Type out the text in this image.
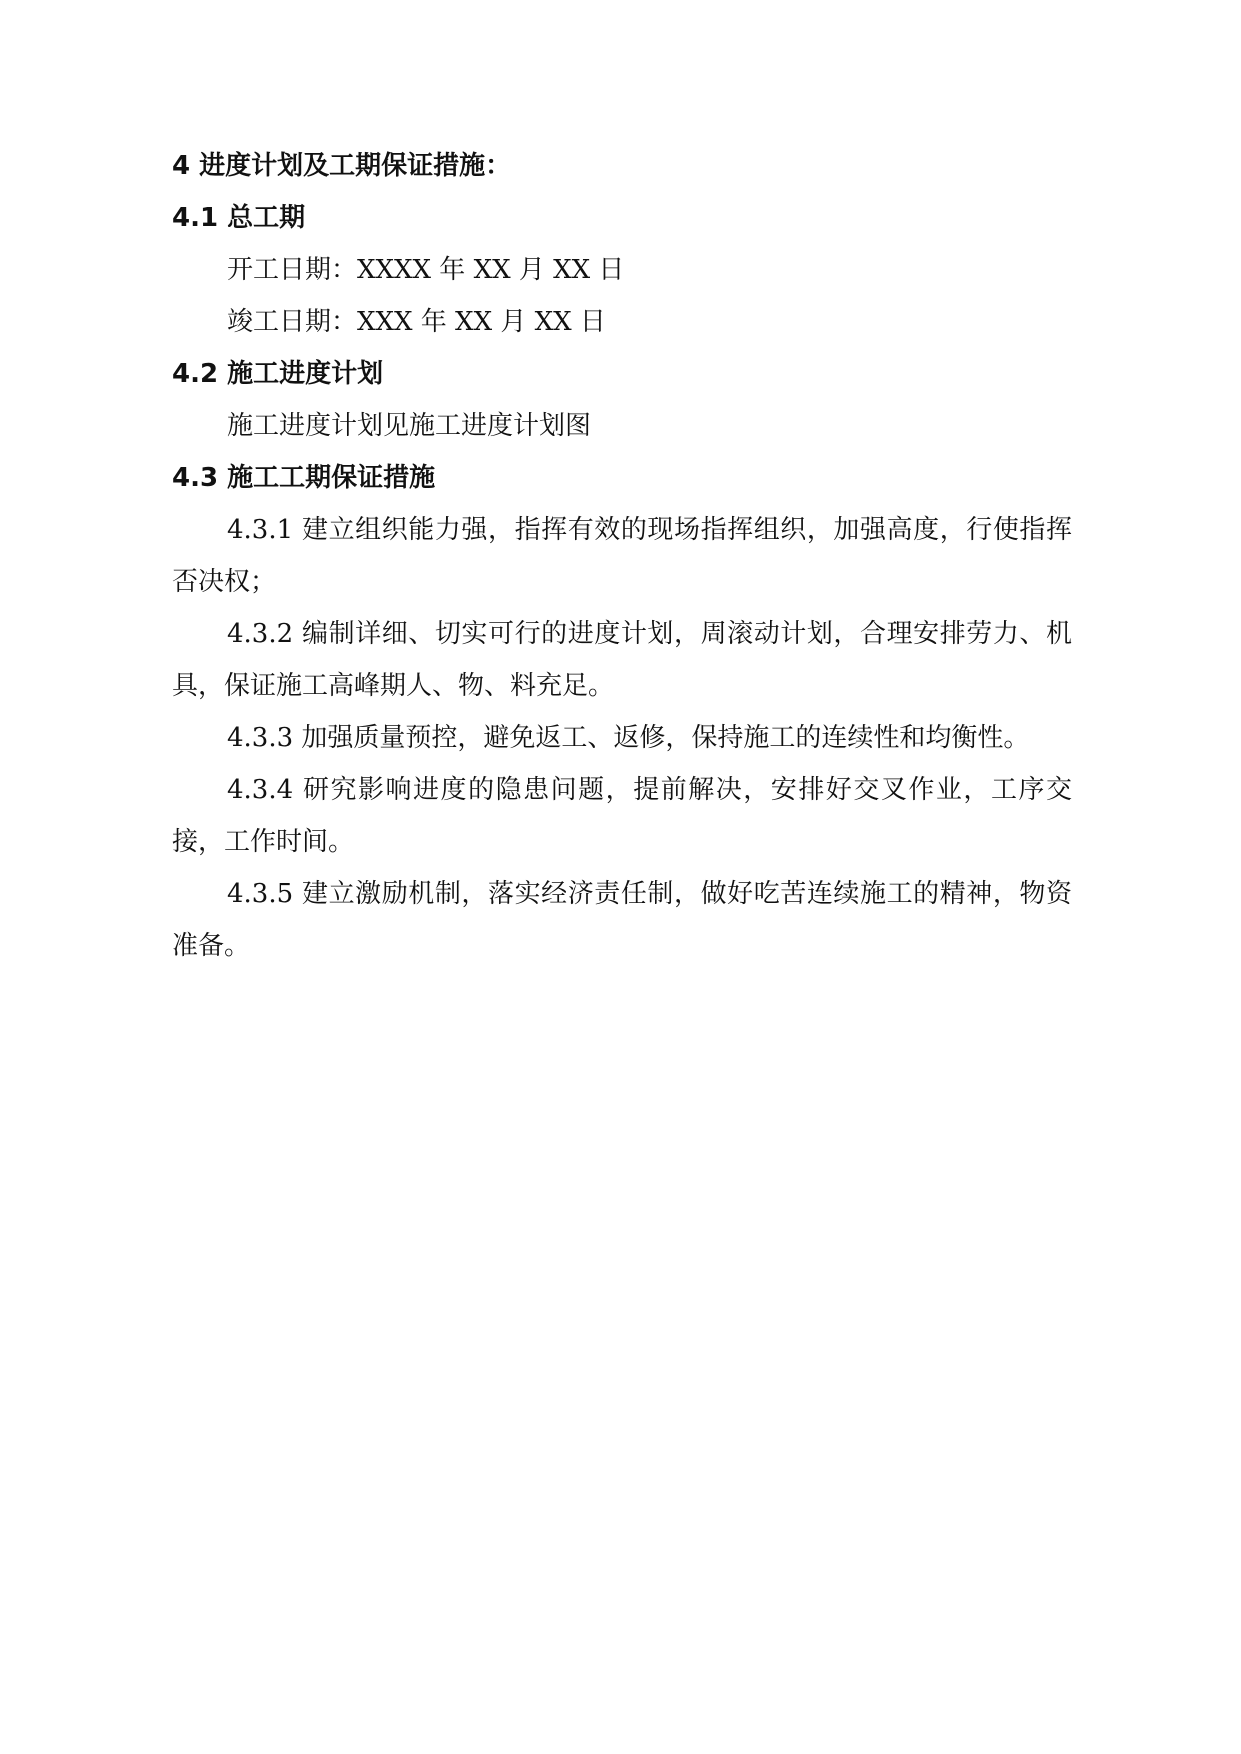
4 进度计划及工期保证措施：

4.1 总工期

开工日期：XXXX 年 XX 月 XX 日

竣工日期：XXX 年 XX 月 XX 日

4.2 施工进度计划

施工进度计划见施工进度计划图

4.3 施工工期保证措施

4.3.1 建立组织能力强，指挥有效的现场指挥组织，加强高度，行使指挥否决权；

4.3.2 编制详细、切实可行的进度计划，周滚动计划，合理安排劳力、机具，保证施工高峰期人、物、料充足。

4.3.3 加强质量预控，避免返工、返修，保持施工的连续性和均衡性。

4.3.4 研究影响进度的隐患问题，提前解决，安排好交叉作业，工序交接，工作时间。

4.3.5 建立激励机制，落实经济责任制，做好吃苦连续施工的精神，物资准备。
